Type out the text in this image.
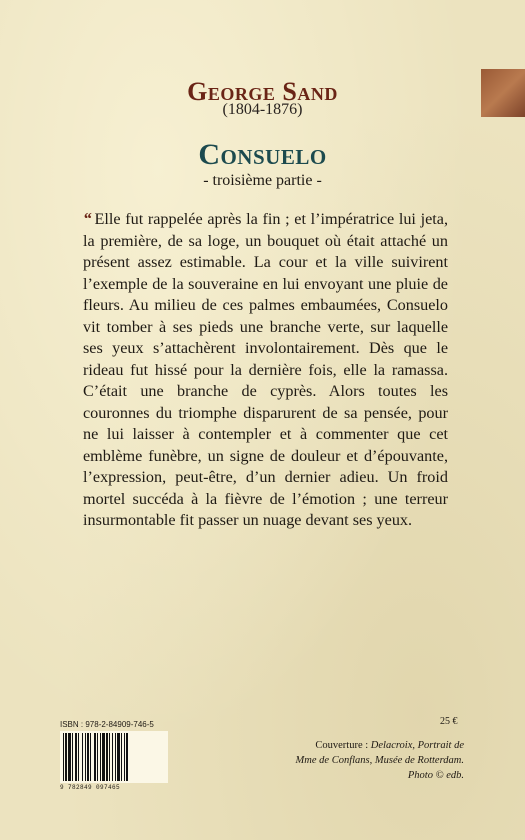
George Sand
(1804-1876)
Consuelo
- troisième partie -
“ Elle fut rappelée après la fin ; et l’impératrice lui jeta, la première, de sa loge, un bouquet où était attaché un présent assez estimable. La cour et la ville suivirent l’exemple de la souveraine en lui envoyant une pluie de fleurs. Au milieu de ces palmes embaumées, Consuelo vit tomber à ses pieds une branche verte, sur laquelle ses yeux s’attachèrent involontairement. Dès que le rideau fut hissé pour la dernière fois, elle la ramassa. C’était une branche de cyprès. Alors toutes les couronnes du triomphe disparurent de sa pensée, pour ne lui laisser à contempler et à commenter que cet emblème funèbre, un signe de douleur et d’épouvante, l’expression, peut-être, d’un dernier adieu. Un froid mortel succéda à la fièvre de l’émotion ; une terreur insurmontable fit passer un nuage devant ses yeux.
ISBN : 978-2-84909-746-5
9 782849 097465
25 €
Couverture : Delacroix, Portrait de
Mme de Conflans, Musée de Rotterdam.
Photo © edb.
